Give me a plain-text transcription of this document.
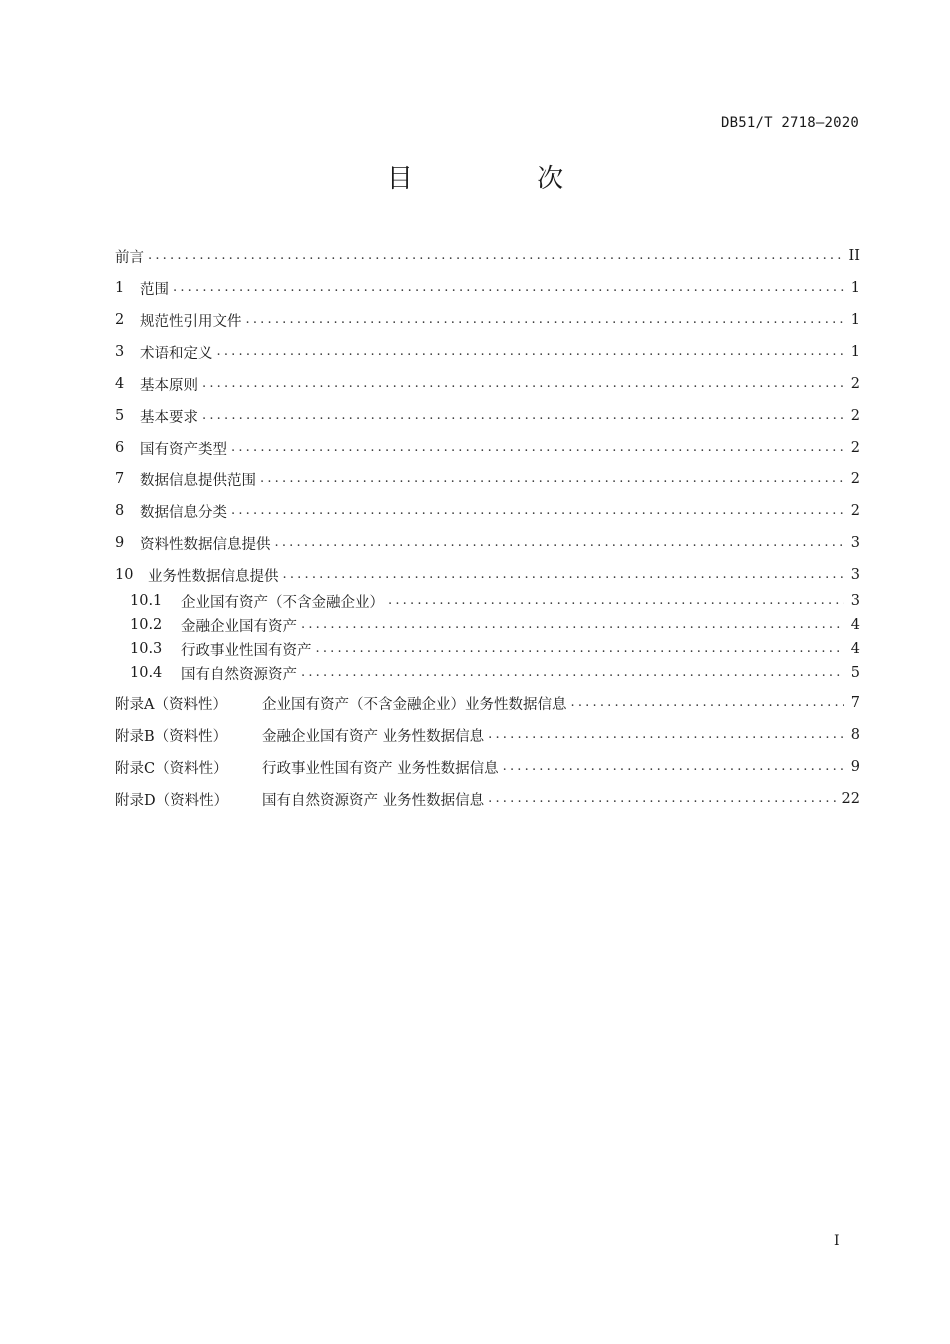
DB51/T 2718—2020
目 次
前言 .....	II
1	范围 .....	1
2	规范性引用文件 .....	1
3	术语和定义 .....	1
4	基本原则 .....	2
5	基本要求 .....	2
6	国有资产类型 .....	2
7	数据信息提供范围 .....	2
8	数据信息分类 .....	2
9	资料性数据信息提供 .....	3
10	业务性数据信息提供 .....	3
10.1	企业国有资产（不含金融企业） .....	3
10.2	金融企业国有资产 .....	4
10.3	行政事业性国有资产 .....	4
10.4	国有自然资源资产 .....	5
附录A（资料性）	企业国有资产（不含金融企业）业务性数据信息 .....	7
附录B（资料性）	金融企业国有资产 业务性数据信息 .....	8
附录C（资料性）	行政事业性国有资产 业务性数据信息 .....	9
附录D（资料性）	国有自然资源资产 业务性数据信息 .....	22
I
